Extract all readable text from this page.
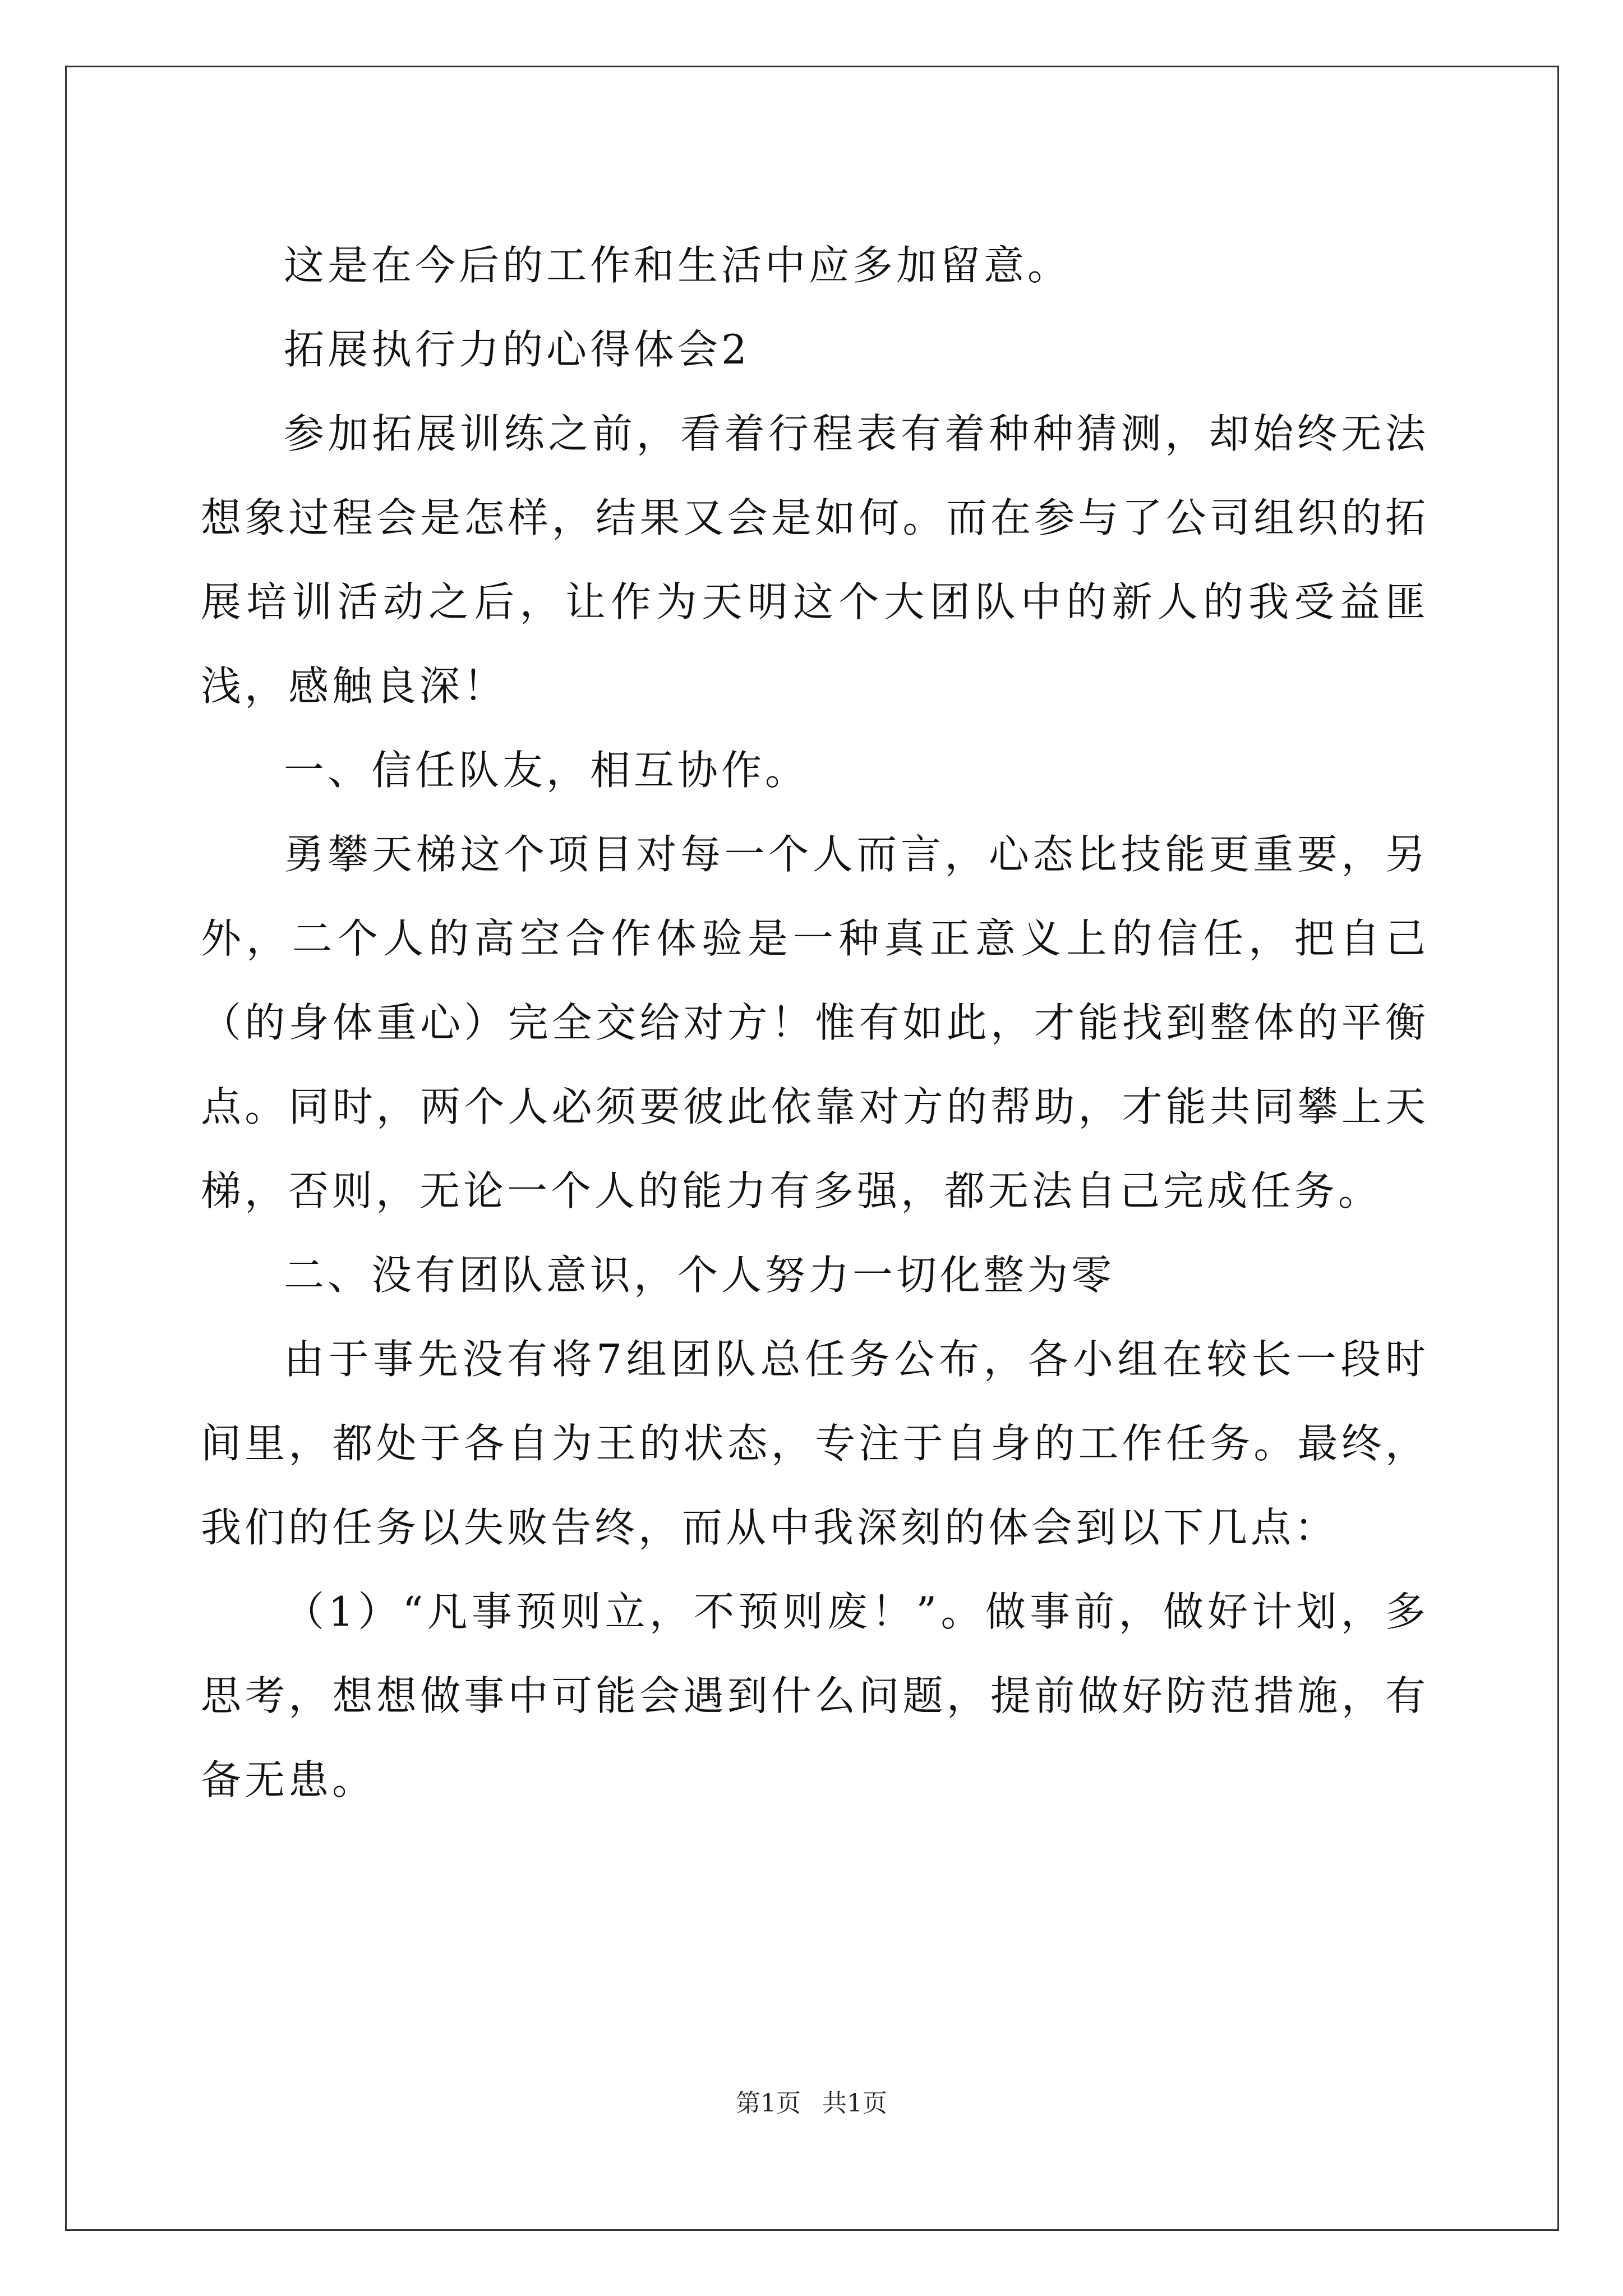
这是在今后的工作和生活中应多加留意。

拓展执行力的心得体会2

参加拓展训练之前，看着行程表有着种种猜测，却始终无法想象过程会是怎样，结果又会是如何。而在参与了公司组织的拓展培训活动之后，让作为天明这个大团队中的新人的我受益匪浅，感触良深！

一、信任队友，相互协作。

勇攀天梯这个项目对每一个人而言，心态比技能更重要，另外，二个人的高空合作体验是一种真正意义上的信任，把自己（的身体重心）完全交给对方！惟有如此，才能找到整体的平衡点。同时，两个人必须要彼此依靠对方的帮助，才能共同攀上天梯，否则，无论一个人的能力有多强，都无法自己完成任务。

二、没有团队意识，个人努力一切化整为零

由于事先没有将7组团队总任务公布，各小组在较长一段时间里，都处于各自为王的状态，专注于自身的工作任务。最终，我们的任务以失败告终，而从中我深刻的体会到以下几点：

（1）“凡事预则立，不预则废！”。做事前，做好计划，多思考，想想做事中可能会遇到什么问题，提前做好防范措施，有备无患。

第1页 共1页
